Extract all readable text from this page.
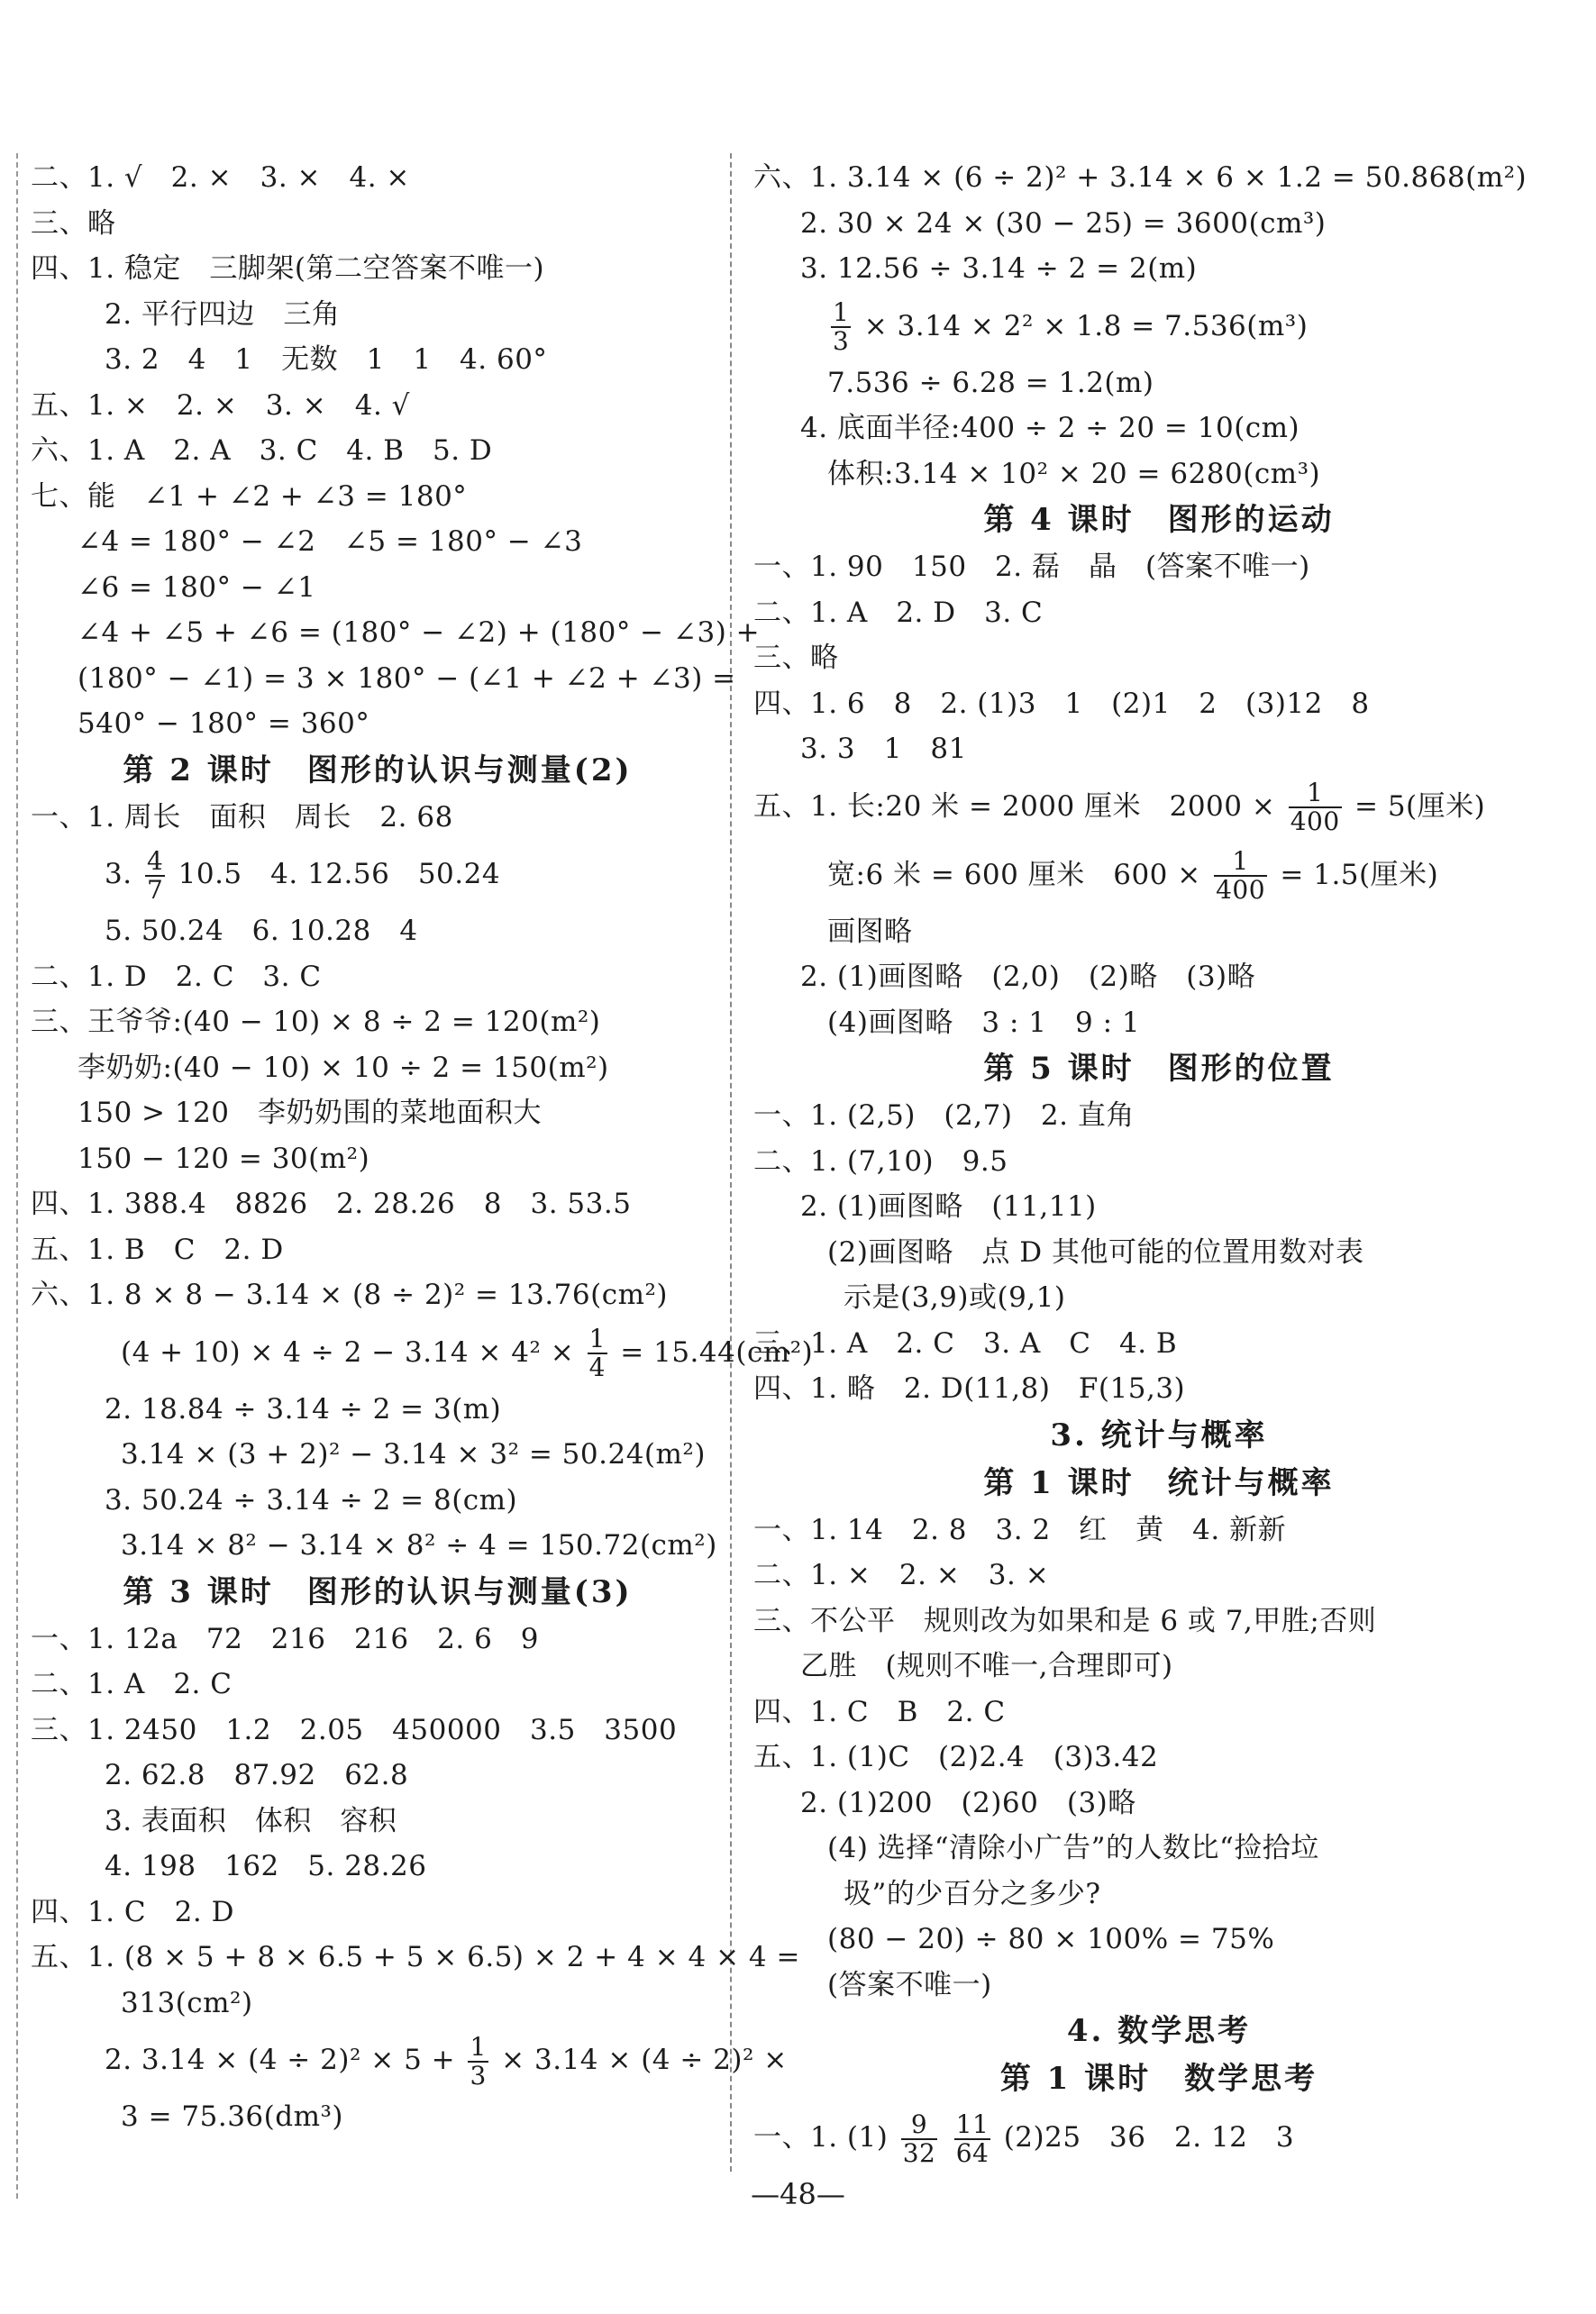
二、1. √　2. ×　3. ×　4. ×
三、略
四、1. 稳定　三脚架(第二空答案不唯一)
2. 平行四边　三角
3. 2　4　1　无数　1　1　4. 60°
五、1. ×　2. ×　3. ×　4. √
六、1. A　2. A　3. C　4. B　5. D
七、能　∠1 + ∠2 + ∠3 = 180°
∠4 = 180° − ∠2　∠5 = 180° − ∠3
∠6 = 180° − ∠1
∠4 + ∠5 + ∠6 = (180° − ∠2) + (180° − ∠3) +
(180° − ∠1) = 3 × 180° − (∠1 + ∠2 + ∠3) =
540° − 180° = 360°
第 2 课时　图形的认识与测量(2)
一、1. 周长　面积　周长　2. 68
3. $\frac{4}{7} 10.5$　4. 12.56　50.24
5. 50.24　6. 10.28　4
二、1. D　2. C　3. C
三、王爷爷:(40 − 10) × 8 ÷ 2 = 120(m²)
李奶奶:(40 − 10) × 10 ÷ 2 = 150(m²)
150 > 120　李奶奶围的菜地面积大
150 − 120 = 30(m²)
四、1. 388.4　8826　2. 28.26　8　3. 53.5
五、1. B　C　2. D
六、1. 8 × 8 − 3.14 × (8 ÷ 2)² = 13.76(cm²)
$(4 + 10) \times 4 \div 2 - 3.14 \times 4^2 \times \frac{1}{4} = 15.44(cm^2)$
2. 18.84 ÷ 3.14 ÷ 2 = 3(m)
3.14 × (3 + 2)² − 3.14 × 3² = 50.24(m²)
3. 50.24 ÷ 3.14 ÷ 2 = 8(cm)
3.14 × 8² − 3.14 × 8² ÷ 4 = 150.72(cm²)
第 3 课时　图形的认识与测量(3)
一、1. 12a　72　216　216　2. 6　9
二、1. A　2. C
三、1. 2450　1.2　2.05　450000　3.5　3500
2. 62.8　87.92　62.8
3. 表面积　体积　容积
4. 198　162　5. 28.26
四、1. C　2. D
五、1. (8 × 5 + 8 × 6.5 + 5 × 6.5) × 2 + 4 × 4 × 4 =
313(cm²)
2. $3.14 \times (4 \div 2)^2 \times 5 + \frac{1}{3} \times 3.14 \times (4 \div 2)^2$ ×
3 = 75.36(dm³)
六、1. 3.14 × (6 ÷ 2)² + 3.14 × 6 × 1.2 = 50.868(m²)
2. 30 × 24 × (30 − 25) = 3600(cm³)
3. 12.56 ÷ 3.14 ÷ 2 = 2(m)
$\frac{1}{3} \times 3.14 \times 2^2 \times 1.8 = 7.536(m^3)$
7.536 ÷ 6.28 = 1.2(m)
4. 底面半径:400 ÷ 2 ÷ 20 = 10(cm)
体积:3.14 × 10² × 20 = 6280(cm³)
第 4 课时　图形的运动
一、1. 90　150　2. 磊　晶　(答案不唯一)
二、1. A　2. D　3. C
三、略
四、1. 6　8　2. (1)3　1　(2)1　2　(3)12　8
3. 3　1　81
五、1. 长:20 米 = 2000 厘米　$2000 \times \frac{1}{400} = 5$(厘米)
宽:6 米 = 600 厘米　$600 \times \frac{1}{400} = 1.5$(厘米)
画图略
2. (1)画图略　(2,0)　(2)略　(3)略
(4)画图略　3 : 1　9 : 1
第 5 课时　图形的位置
一、1. (2,5)　(2,7)　2. 直角
二、1. (7,10)　9.5
2. (1)画图略　(11,11)
(2)画图略　点 D 其他可能的位置用数对表
示是(3,9)或(9,1)
三、1. A　2. C　3. A　C　4. B
四、1. 略　2. D(11,8)　F(15,3)
3. 统计与概率
第 1 课时　统计与概率
一、1. 14　2. 8　3. 2　红　黄　4. 新新
二、1. ×　2. ×　3. ×
三、不公平　规则改为如果和是 6 或 7,甲胜;否则
乙胜　(规则不唯一,合理即可)
四、1. C　B　2. C
五、1. (1)C　(2)2.4　(3)3.42
2. (1)200　(2)60　(3)略
(4) 选择“清除小广告”的人数比“捡拾垃
圾”的少百分之多少?
(80 − 20) ÷ 80 × 100% = 75%
(答案不唯一)
4. 数学思考
第 1 课时　数学思考
一、1. $(1) \frac{9}{32}$
$\frac{11}{64} (2)25$　36　2. 12　3
—48—
